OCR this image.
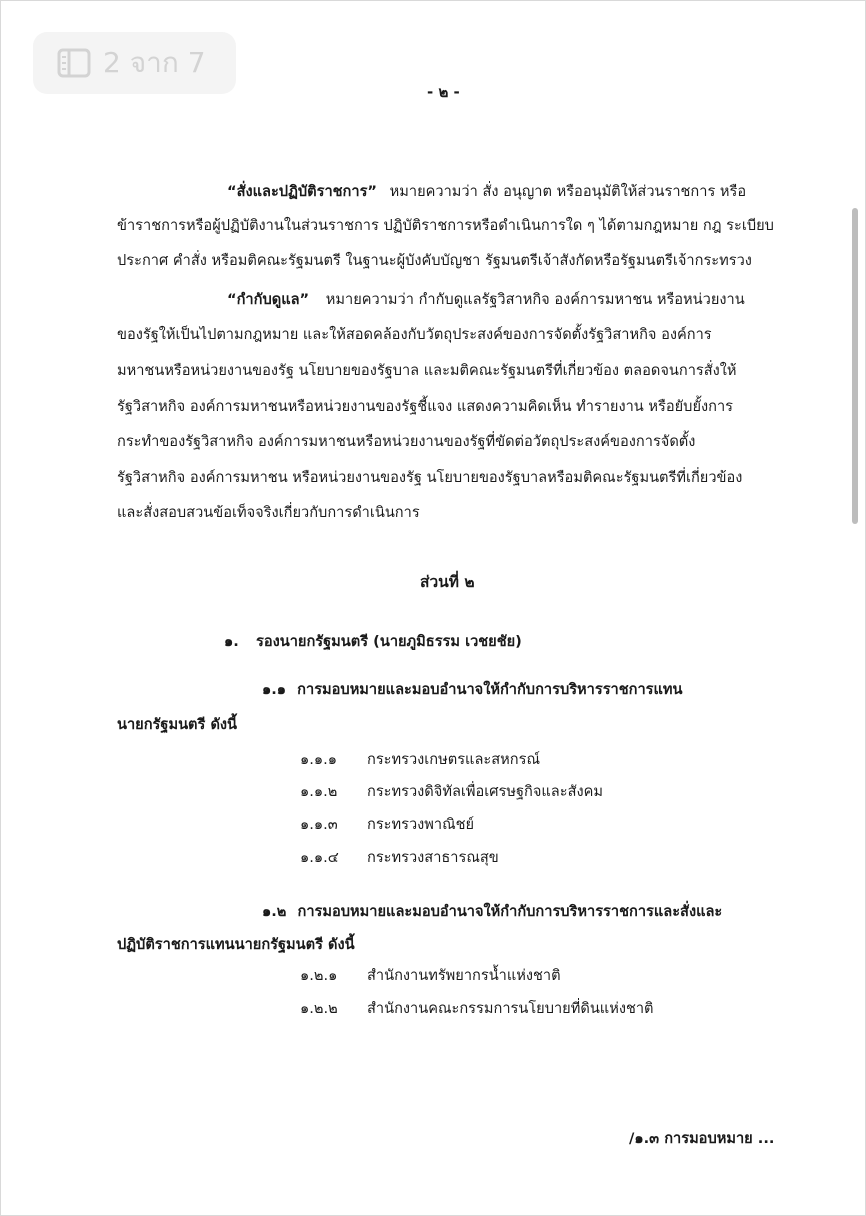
- ๒ -
“สั่งและปฏิบัติราชการ” หมายความว่า สั่ง อนุญาต หรืออนุมัติให้ส่วนราชการ หรือ
ข้าราชการหรือผู้ปฏิบัติงานในส่วนราชการ ปฏิบัติราชการหรือดำเนินการใด ๆ ได้ตามกฎหมาย กฎ ระเบียบ
ประกาศ คำสั่ง หรือมติคณะรัฐมนตรี ในฐานะผู้บังคับบัญชา รัฐมนตรีเจ้าสังกัดหรือรัฐมนตรีเจ้ากระทรวง
“กำกับดูแล” หมายความว่า กำกับดูแลรัฐวิสาหกิจ องค์การมหาชน หรือหน่วยงาน
ของรัฐให้เป็นไปตามกฎหมาย และให้สอดคล้องกับวัตถุประสงค์ของการจัดตั้งรัฐวิสาหกิจ องค์การ
มหาชนหรือหน่วยงานของรัฐ นโยบายของรัฐบาล และมติคณะรัฐมนตรีที่เกี่ยวข้อง ตลอดจนการสั่งให้
รัฐวิสาหกิจ องค์การมหาชนหรือหน่วยงานของรัฐชี้แจง แสดงความคิดเห็น ทำรายงาน หรือยับยั้งการ
กระทำของรัฐวิสาหกิจ องค์การมหาชนหรือหน่วยงานของรัฐที่ขัดต่อวัตถุประสงค์ของการจัดตั้ง
รัฐวิสาหกิจ องค์การมหาชน หรือหน่วยงานของรัฐ นโยบายของรัฐบาลหรือมติคณะรัฐมนตรีที่เกี่ยวข้อง
และสั่งสอบสวนข้อเท็จจริงเกี่ยวกับการดำเนินการ
ส่วนที่ ๒
๑. รองนายกรัฐมนตรี (นายภูมิธรรม เวชยชัย)
๑.๑ การมอบหมายและมอบอำนาจให้กำกับการบริหารราชการแทน
นายกรัฐมนตรี ดังนี้
๑.๑.๑ กระทรวงเกษตรและสหกรณ์
๑.๑.๒ กระทรวงดิจิทัลเพื่อเศรษฐกิจและสังคม
๑.๑.๓ กระทรวงพาณิชย์
๑.๑.๔ กระทรวงสาธารณสุข
๑.๒ การมอบหมายและมอบอำนาจให้กำกับการบริหารราชการและสั่งและ
ปฏิบัติราชการแทนนายกรัฐมนตรี ดังนี้
๑.๒.๑ สำนักงานทรัพยากรน้ำแห่งชาติ
๑.๒.๒ สำนักงานคณะกรรมการนโยบายที่ดินแห่งชาติ
/๑.๓ การมอบหมาย ...
2 จาก 7
